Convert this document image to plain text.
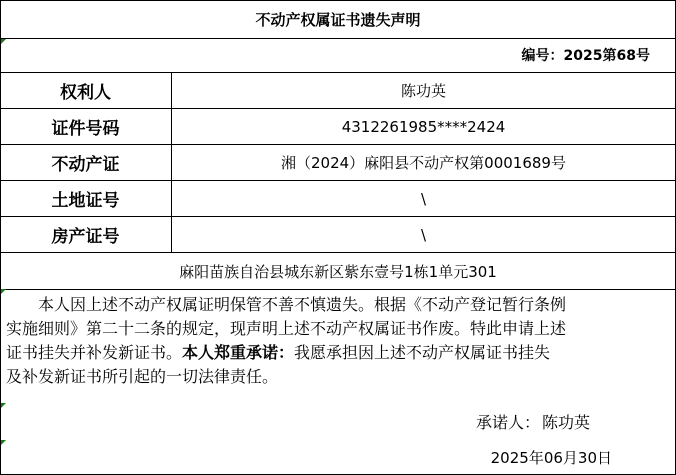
不动产权属证书遗失声明
编号：2025第68号
权利人	陈功英
证件号码	4312261985****2424
不动产证	湘（2024）麻阳县不动产权第0001689号
土地证号	\
房产证号	\
麻阳苗族自治县城东新区紫东壹号1栋1单元301
本人因上述不动产权属证明保管不善不慎遗失。根据《不动产登记暂行条例
实施细则》第二十二条的规定，现声明上述不动产权属证书作废。特此申请上述
证书挂失并补发新证书。本人郑重承诺：我愿承担因上述不动产权属证书挂失
及补发新证书所引起的一切法律责任。
承诺人： 陈功英
2025年06月30日
